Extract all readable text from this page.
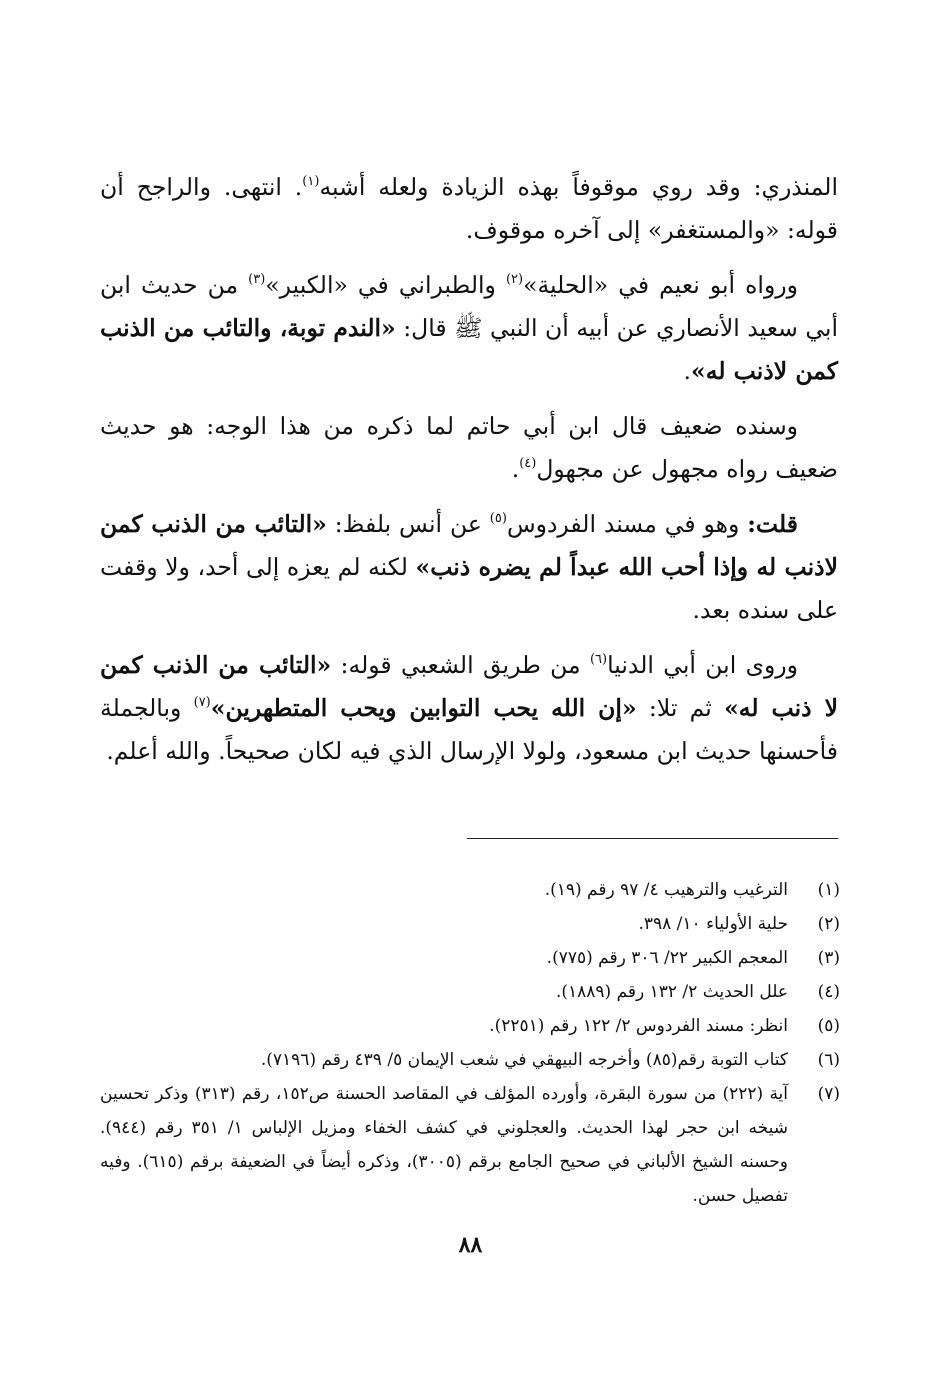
المنذري: وقد روي موقوفاً بهذه الزيادة ولعله أشبه$^{(١)}$. انتهى. والراجح أن قوله: «والمستغفر» إلى آخره موقوف.

ورواه أبو نعيم في «الحلية»$^{(٢)}$ والطبراني في «الكبير»$^{(٣)}$ من حديث ابن أبي سعيد الأنصاري عن أبيه أن النبي ﷺ قال: «الندم توبة، والتائب من الذنب كمن لاذنب له».

وسنده ضعيف قال ابن أبي حاتم لما ذكره من هذا الوجه: هو حديث ضعيف رواه مجهول عن مجهول$^{(٤)}$.

قلت: وهو في مسند الفردوس$^{(٥)}$ عن أنس بلفظ: «التائب من الذنب كمن لاذنب له وإذا أحب الله عبداً لم يضره ذنب» لكنه لم يعزه إلى أحد، ولا وقفت على سنده بعد.

وروى ابن أبي الدنيا$^{(٦)}$ من طريق الشعبي قوله: «التائب من الذنب كمن لا ذنب له» ثم تلا: «إن الله يحب التوابين ويحب المتطهرين»$^{(٧)}$ وبالجملة فأحسنها حديث ابن مسعود، ولولا الإرسال الذي فيه لكان صحيحاً. والله أعلم.

(١)
الترغيب والترهيب ٤/ ٩٧ رقم (١٩).
(٢)
حلية الأولياء ١٠/ ٣٩٨.
(٣)
المعجم الكبير ٢٢/ ٣٠٦ رقم (٧٧٥).
(٤)
علل الحديث ٢/ ١٣٢ رقم (١٨٨٩).
(٥)
انظر: مسند الفردوس ٢/ ١٢٢ رقم (٢٢٥١).
(٦)
كتاب التوبة رقم(٨٥) وأخرجه البيهقي في شعب الإيمان ٥/ ٤٣٩ رقم (٧١٩٦).
(٧)
آية (٢٢٢) من سورة البقرة، وأورده المؤلف في المقاصد الحسنة ص١٥٢، رقم (٣١٣) وذكر تحسين شيخه ابن حجر لهذا الحديث. والعجلوني في كشف الخفاء ومزيل الإلباس ١/ ٣٥١ رقم (٩٤٤). وحسنه الشيخ الألباني في صحيح الجامع برقم (٣٠٠٥)، وذكره أيضاً في الضعيفة برقم (٦١٥). وفيه تفصيل حسن.
٨٨
